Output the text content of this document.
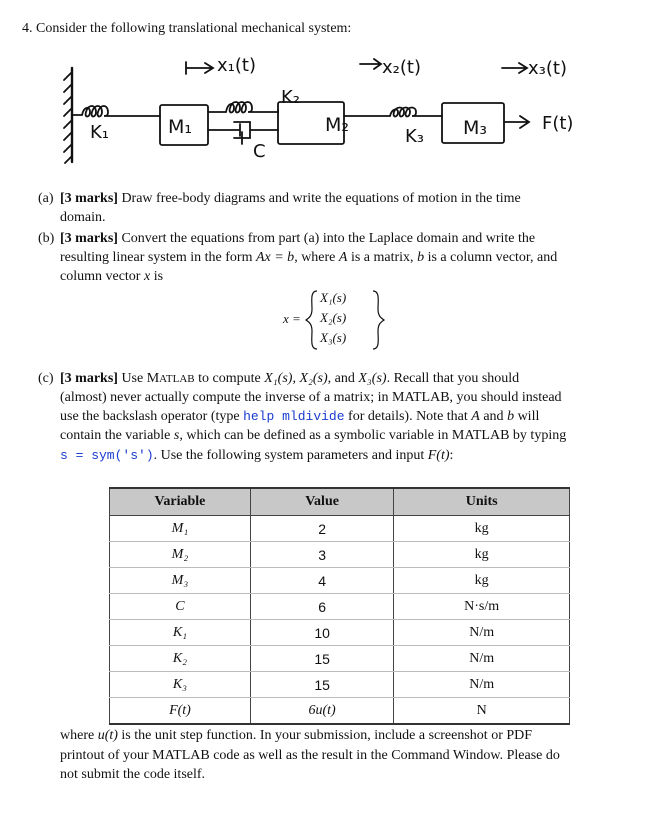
4. Consider the following translational mechanical system:
x₁(t)	x₂(t)	x₃(t)
K₁	M₁
K₂
C
M₂
K₃ M₃	F(t)
(a) [3 marks] Draw free-body diagrams and write the equations of motion in the time
domain.
(b) [3 marks] Convert the equations from part (a) into the Laplace domain and write the
resulting linear system in the form Ax = b, where A is a matrix, b is a column vector, and
column vector x is
x =
X₁(s)
X₂(s)
X₃(s)
(c) [3 marks] Use MATLAB to compute X₁(s), X₂(s), and X₃(s). Recall that you should
(almost) never actually compute the inverse of a matrix; in MATLAB, you should instead
use the backslash operator (type help mldivide for details). Note that A and b will
contain the variable s, which can be defined as a symbolic variable in MATLAB by typing
s = sym('s'). Use the following system parameters and input F(t):
Variable	Value	Units
M₁	2	kg
M₂	3	kg
M₃	4	kg
C	6	N·s/m
K₁	10	N/m
K₂	15	N/m
K₃	15	N/m
F(t)	6u(t)	N
where u(t) is the unit step function. In your submission, include a screenshot or PDF
printout of your MATLAB code as well as the result in the Command Window. Please do
not submit the code itself.
